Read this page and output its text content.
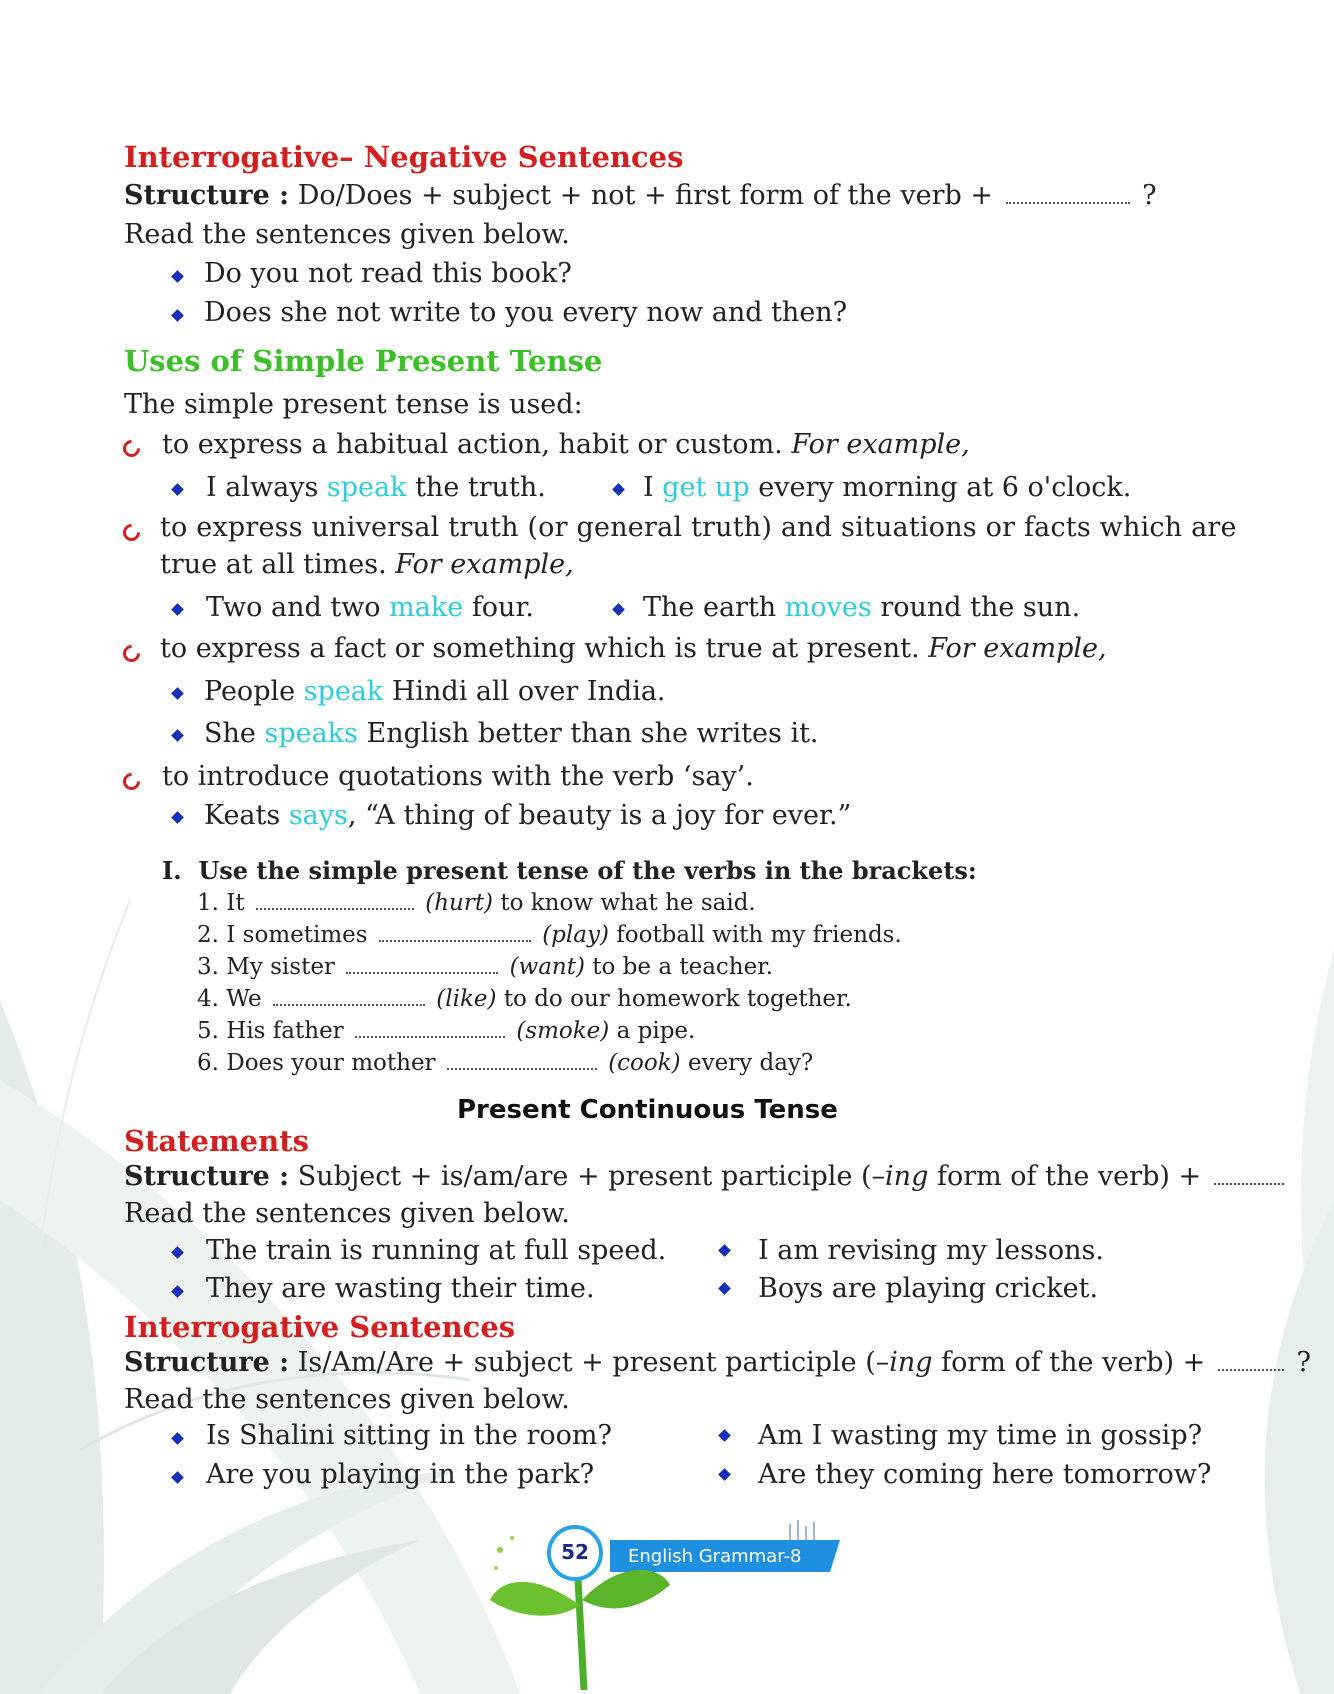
Interrogative– Negative Sentences
Structure : Do/Does + subject + not + first form of the verb +	?
Read the sentences given below.
Do you not read this book?
Does she not write to you every now and then?
Uses of Simple Present Tense
The simple present tense is used:
to express a habitual action, habit or custom. For example,
I always speak the truth.	I get up every morning at 6 o'clock.
to express universal truth (or general truth) and situations or facts which are
true at all times. For example,
Two and two make four.	The earth moves round the sun.
to express a fact or something which is true at present. For example,
People speak Hindi all over India.
She speaks English better than she writes it.
to introduce quotations with the verb ‘say’.
Keats says, “A thing of beauty is a joy for ever.”
I. Use the simple present tense of the verbs in the brackets:
1. It	(hurt) to know what he said.
2. I sometimes	(play) football with my friends.
3. My sister	(want) to be a teacher.
4. We	(like) to do our homework together.
5. His father	(smoke) a pipe.
6. Does your mother	(cook) every day?
Present Continuous Tense
Statements
Structure : Subject + is/am/are + present participle (–ing form of the verb) +
Read the sentences given below.
The train is running at full speed.	I am revising my lessons.
They are wasting their time.	Boys are playing cricket.
Interrogative Sentences
Structure : Is/Am/Are + subject + present participle (–ing form of the verb) +	?
Read the sentences given below.
Is Shalini sitting in the room?	Am I wasting my time in gossip?
Are you playing in the park?	Are they coming here tomorrow?
52 English Grammar-8
